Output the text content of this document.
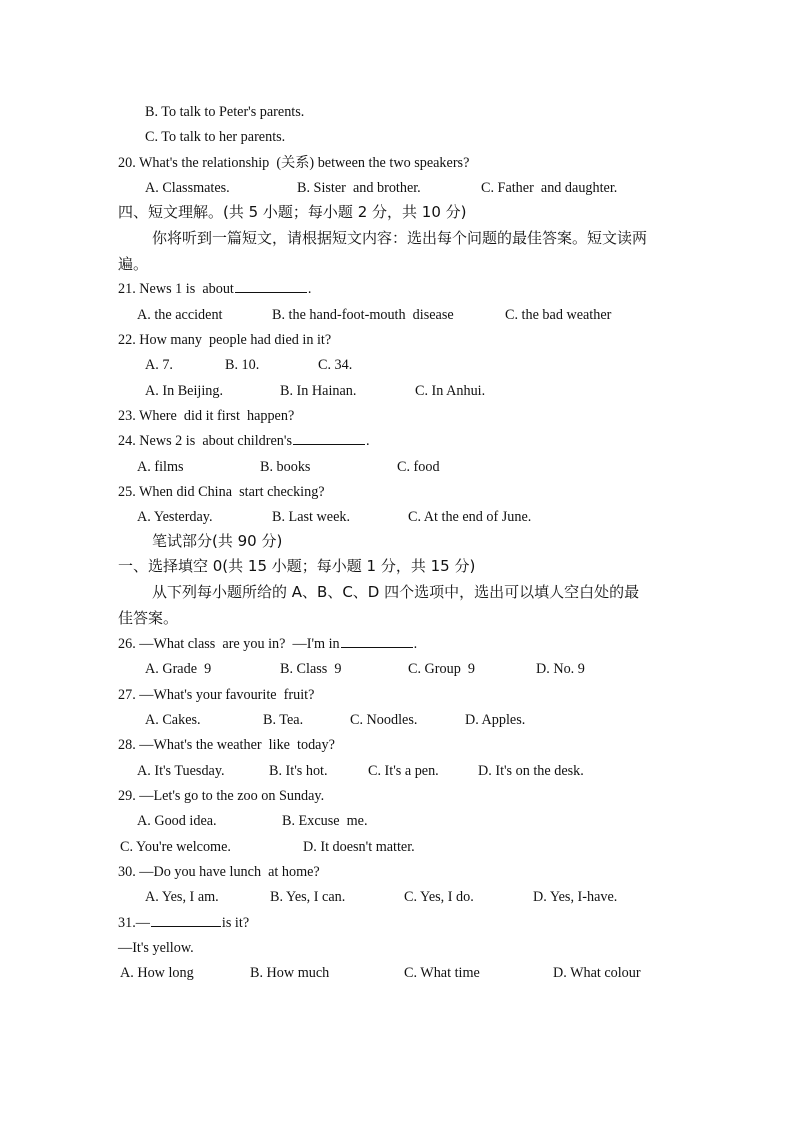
B. To talk to Peter's parents.
C. To talk to her parents.
20. What's the relationship  (关系) between the two speakers?
A. Classmates.	B. Sister  and brother.	C. Father  and daughter.
四、短文理解。(共 5 小题；每小题 2 分，共 10 分)
你将听到一篇短文，请根据短文内容：选出每个问题的最佳答案。短文读两
遍。
21. News 1 is  about	.
A. the accident	B. the hand-foot-mouth  disease	C. the bad weather
22. How many  people had died in it?
A. 7.	B. 10.	C. 34.
A. In Beijing.	B. In Hainan.	C. In Anhui.
23. Where  did it first  happen?
24. News 2 is  about children's	.
A. films	B. books	C. food
25. When did China  start checking?
A. Yesterday.	B. Last week.	C. At the end of June.
笔试部分(共 90 分)
一、选择填空 0(共 15 小题；每小题 1 分，共 15 分)
从下列每小题所给的 A、B、C、D 四个选项中，选出可以填人空白处的最
佳答案。
26. —What class  are you in?  —I'm in	.
A. Grade  9	B. Class  9	C. Group  9	D. No. 9
27. —What's your favourite  fruit?
A. Cakes.	B. Tea.	C. Noodles.	D. Apples.
28. —What's the weather  like  today?
A. It's Tuesday.	B. It's hot.	C. It's a pen.	D. It's on the desk.
29. —Let's go to the zoo on Sunday.
A. Good idea.	B. Excuse  me.
C. You're welcome.	D. It doesn't matter.
30. —Do you have lunch  at home?
A. Yes, I am.	B. Yes, I can.	C. Yes, I do.	D. Yes, I-have.
31.—	is it?
—It's yellow.
A. How long	B. How much	C. What time	D. What colour
